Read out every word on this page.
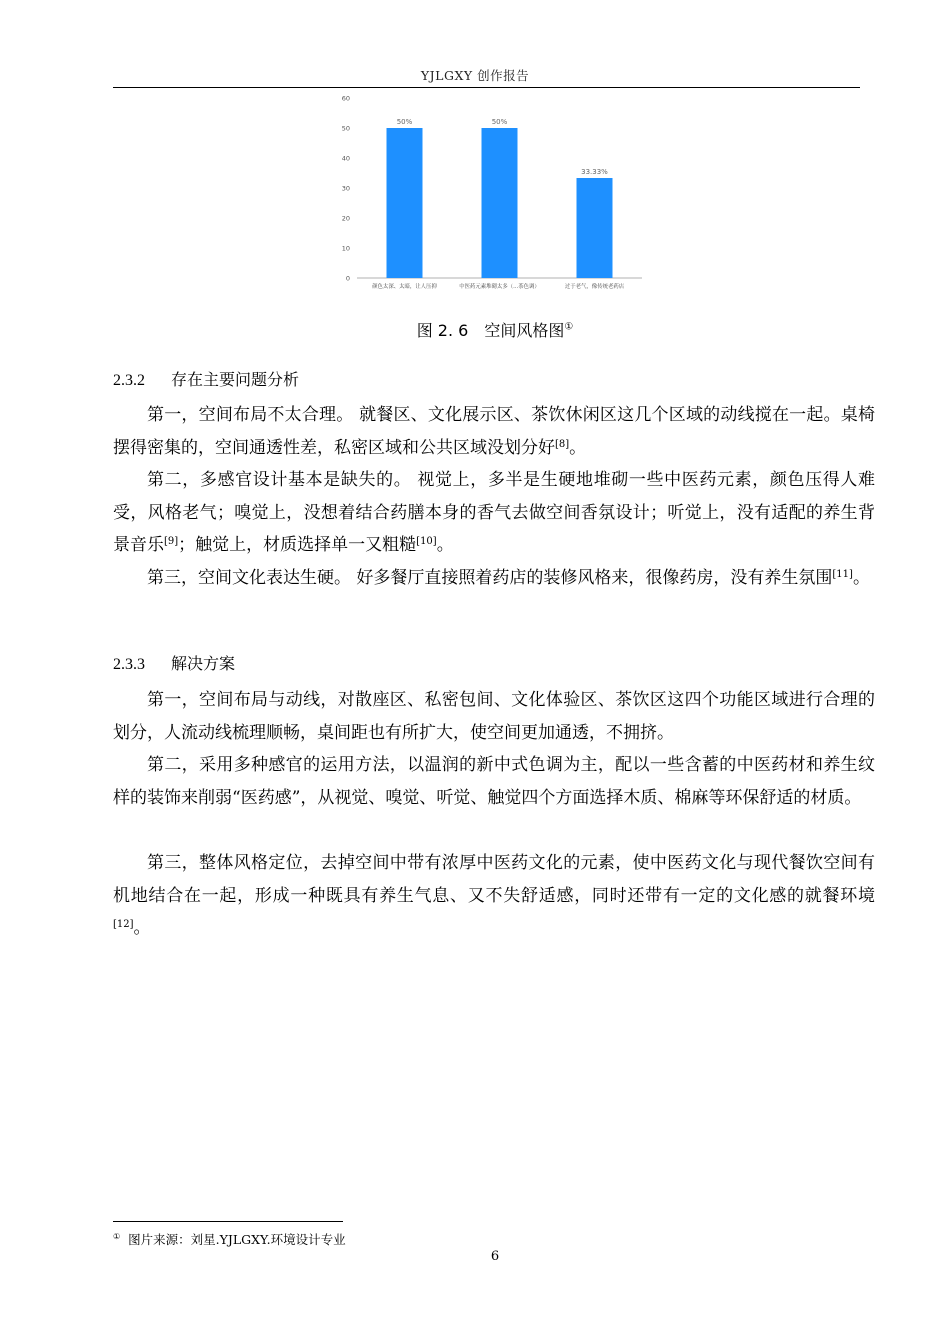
YJLGXY 创作报告
0
10
20
30
40
50
60
50%
颜色太深、太暗，让人压抑
50%
中医药元素堆砌太多（...茶色调）
33.33%
过于老气，像传统老药店
图 2. 6　空间风格图①
2.3.2 存在主要问题分析

第一，空间布局不太合理。 就餐区、文化展示区、茶饮休闲区这几个区域的动线搅在一起。桌椅摆得密集的，空间通透性差，私密区域和公共区域没划分好[8]。

第二，多感官设计基本是缺失的。 视觉上，多半是生硬地堆砌一些中医药元素，颜色压得人难受，风格老气；嗅觉上，没想着结合药膳本身的香气去做空间香氛设计；听觉上，没有适配的养生背景音乐[9]；触觉上，材质选择单一又粗糙[10]。

第三，空间文化表达生硬。 好多餐厅直接照着药店的装修风格来，很像药房，没有养生氛围[11]。

2.3.3 解决方案

第一，空间布局与动线，对散座区、私密包间、文化体验区、茶饮区这四个功能区域进行合理的划分，人流动线梳理顺畅，桌间距也有所扩大，使空间更加通透，不拥挤。

第二，采用多种感官的运用方法，以温润的新中式色调为主，配以一些含蓄的中医药材和养生纹样的装饰来削弱“医药感”，从视觉、嗅觉、听觉、触觉四个方面选择木质、棉麻等环保舒适的材质。

第三，整体风格定位，去掉空间中带有浓厚中医药文化的元素，使中医药文化与现代餐饮空间有机地结合在一起，形成一种既具有养生气息、又不失舒适感，同时还带有一定的文化感的就餐环境[12]。

① 图片来源：刘星.YJLGXY.环境设计专业
6
